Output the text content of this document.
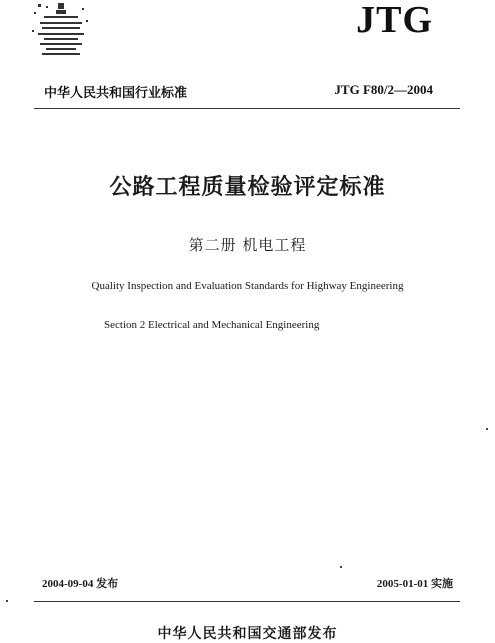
JTG
中华人民共和国行业标准	JTG F80/2—2004
公路工程质量检验评定标准
第二册 机电工程
Quality Inspection and Evaluation Standards for Highway Engineering
Section 2 Electrical and Mechanical Engineering
2004-09-04 发布	2005-01-01 实施
中华人民共和国交通部发布
